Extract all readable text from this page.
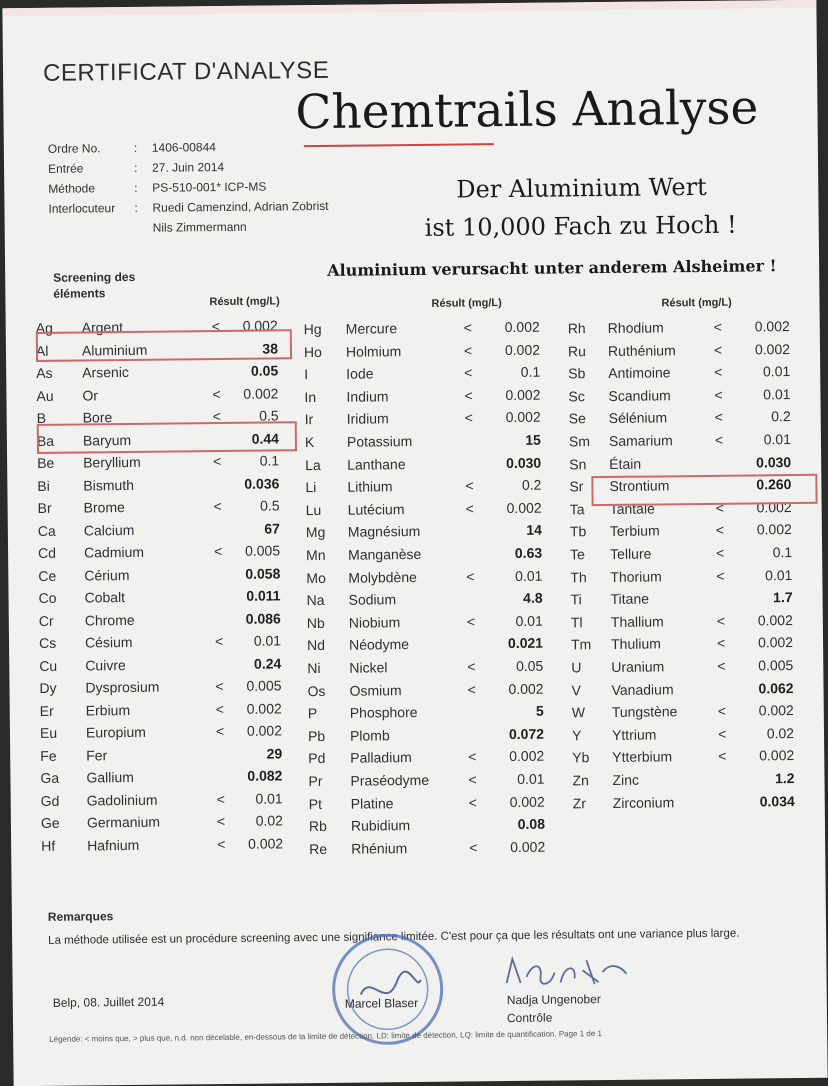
CERTIFICAT D'ANALYSE
Chemtrails Analyse
Ordre No.	: 1406-00844
Entrée	: 27. Juin 2014
Méthode	: PS-510-001* ICP-MS
Interlocuteur : Ruedi Camenzind, Adrian Zobrist
Nils Zimmermann
Der Aluminium Wert
ist 10,000 Fach zu Hoch !
Aluminium verursacht unter anderem Alsheimer !
Screening des éléments
Résult (mg/L)	Résult (mg/L)	Résult (mg/L)
Ag Argent	<	0.002
Al Aluminium	38
As Arsenic	0.05
Au Or	<	0.002
B	Bore	<	0.5
Ba Baryum	0.44
Be Beryllium	<	0.1
Bi Bismuth	0.036
Br Brome	<	0.5
Ca Calcium	67
Cd Cadmium	<	0.005
Ce Cérium	0.058
Co Cobalt	0.011
Cr Chrome	0.086
Cs Césium	<	0.01
Cu Cuivre	0.24
Dy Dysprosium	<	0.005
Er Erbium	<	0.002
Eu Europium	<	0.002
Fe Fer	29
Ga Gallium	0.082
Gd Gadolinium	<	0.01
Ge Germanium	<	0.02
Hf Hafnium	<	0.002
Hg Mercure	<	0.002
Ho Holmium	<	0.002
I	Iode	<	0.1
In Indium	<	0.002
Ir Iridium	<	0.002
K Potassium	15
La Lanthane	0.030
Li Lithium	<	0.2
Lu Lutécium	<	0.002
Mg Magnésium	14
Mn Manganèse	0.63
Mo Molybdène	<	0.01
Na Sodium	4.8
Nb Niobium	<	0.01
Nd Néodyme	0.021
Ni Nickel	<	0.05
Os Osmium	<	0.002
P Phosphore	5
Pb Plomb	0.072
Pd Palladium	<	0.002
Pr Praséodyme	<	0.01
Pt Platine	<	0.002
Rb Rubidium	0.08
Re Rhénium	<	0.002
Rh Rhodium	<	0.002
Ru Ruthénium	<	0.002
Sb Antimoine	<	0.01
Sc Scandium	<	0.01
Se Sélénium	<	0.2
Sm Samarium	<	0.01
Sn Étain	0.030
Sr Strontium	0.260
Ta Tantale	<	0.002
Tb Terbium	<	0.002
Te Tellure	<	0.1
Th Thorium	<	0.01
Ti Titane	1.7
Tl Thallium	<	0.002
Tm Thulium	<	0.002
U Uranium	<	0.005
V Vanadium	0.062
W Tungstène	<	0.002
Y Yttrium	<	0.02
Yb Ytterbium	<	0.002
Zn Zinc	1.2
Zr Zirconium	0.034
Remarques
La méthode utilisée est un procédure screening avec une signifiance limitée. C'est pour ça que les résultats ont une variance plus large.
Belp, 08. Juillet 2014	Marcel Blaser	Nadja Ungenober
Contrôle
Légende: < moins que, > plus que, n.d. non décelable, en-dessous de la limite de détection. LD: limite de détection, LQ: limite de quantification. Page 1 de 1
